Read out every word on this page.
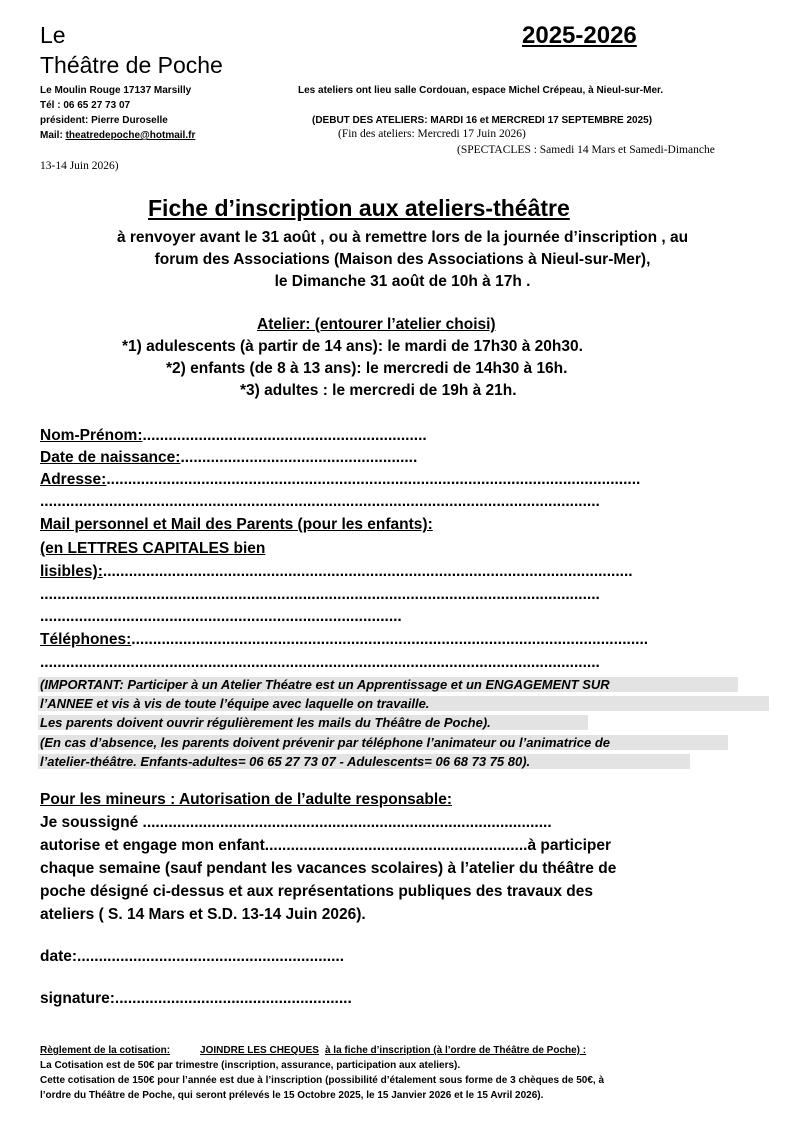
Le
Théâtre de Poche
2025-2026
Le Moulin Rouge 17137 Marsilly
Tél : 06 65 27 73 07
président: Pierre Duroselle
Mail: theatredepoche@hotmail.fr
Les ateliers ont lieu salle Cordouan, espace Michel Crépeau, à Nieul-sur-Mer.
(DEBUT DES ATELIERS: MARDI 16 et MERCREDI 17 SEPTEMBRE 2025)
(Fin des ateliers: Mercredi 17 Juin 2026)
(SPECTACLES : Samedi 14 Mars et Samedi-Dimanche
13-14 Juin 2026)
Fiche d’inscription aux ateliers-théâtre
à renvoyer avant le 31 août , ou à remettre lors de la journée d’inscription , au
forum des Associations (Maison des Associations à Nieul-sur-Mer),
le Dimanche 31 août de 10h à 17h .
Atelier: (entourer l’atelier choisi)
*1) adulescents (à partir de 14 ans): le mardi de 17h30 à 20h30.
*2) enfants (de 8 à 13 ans): le mercredi de 14h30 à 16h.
*3) adultes : le mercredi de 19h à 21h.
Nom-Prénom:..................................................................
Date de naissance:.......................................................
Adresse:............................................................................................................................
..................................................................................................................................
Mail personnel et Mail des Parents (pour les enfants):
(en LETTRES CAPITALES bien
lisibles):...........................................................................................................................
..................................................................................................................................
....................................................................................
Téléphones:........................................................................................................................
..................................................................................................................................
(IMPORTANT: Participer à un Atelier Théatre est un Apprentissage et un ENGAGEMENT SUR
l’ANNEE et vis à vis de toute l’équipe avec laquelle on travaille.
Les parents doivent ouvrir régulièrement les mails du Théâtre de Poche).
(En cas d’absence, les parents doivent prévenir par téléphone l’animateur ou l’animatrice de
l’atelier-théâtre. Enfants-adultes= 06 65 27 73 07 - Adulescents= 06 68 73 75 80).
Pour les mineurs : Autorisation de l’adulte responsable:
Je soussigné ...............................................................................................
autorise et engage mon enfant.............................................................à participer
chaque semaine (sauf pendant les vacances scolaires) à l’atelier du théâtre de
poche désigné ci-dessus et aux représentations publiques des travaux des
ateliers ( S. 14 Mars et S.D. 13-14 Juin 2026).
date:..............................................................
signature:.......................................................
Règlement de la cotisation:	JOINDRE LES CHEQUES à la fiche d’inscription (à l’ordre de Théâtre de Poche) :
La Cotisation est de 50€ par trimestre (inscription, assurance, participation aux ateliers).
Cette cotisation de 150€ pour l’année est due à l’inscription (possibilité d’étalement sous forme de 3 chèques de 50€, à
l’ordre du Théâtre de Poche, qui seront prélevés le 15 Octobre 2025, le 15 Janvier 2026 et le 15 Avril 2026).
